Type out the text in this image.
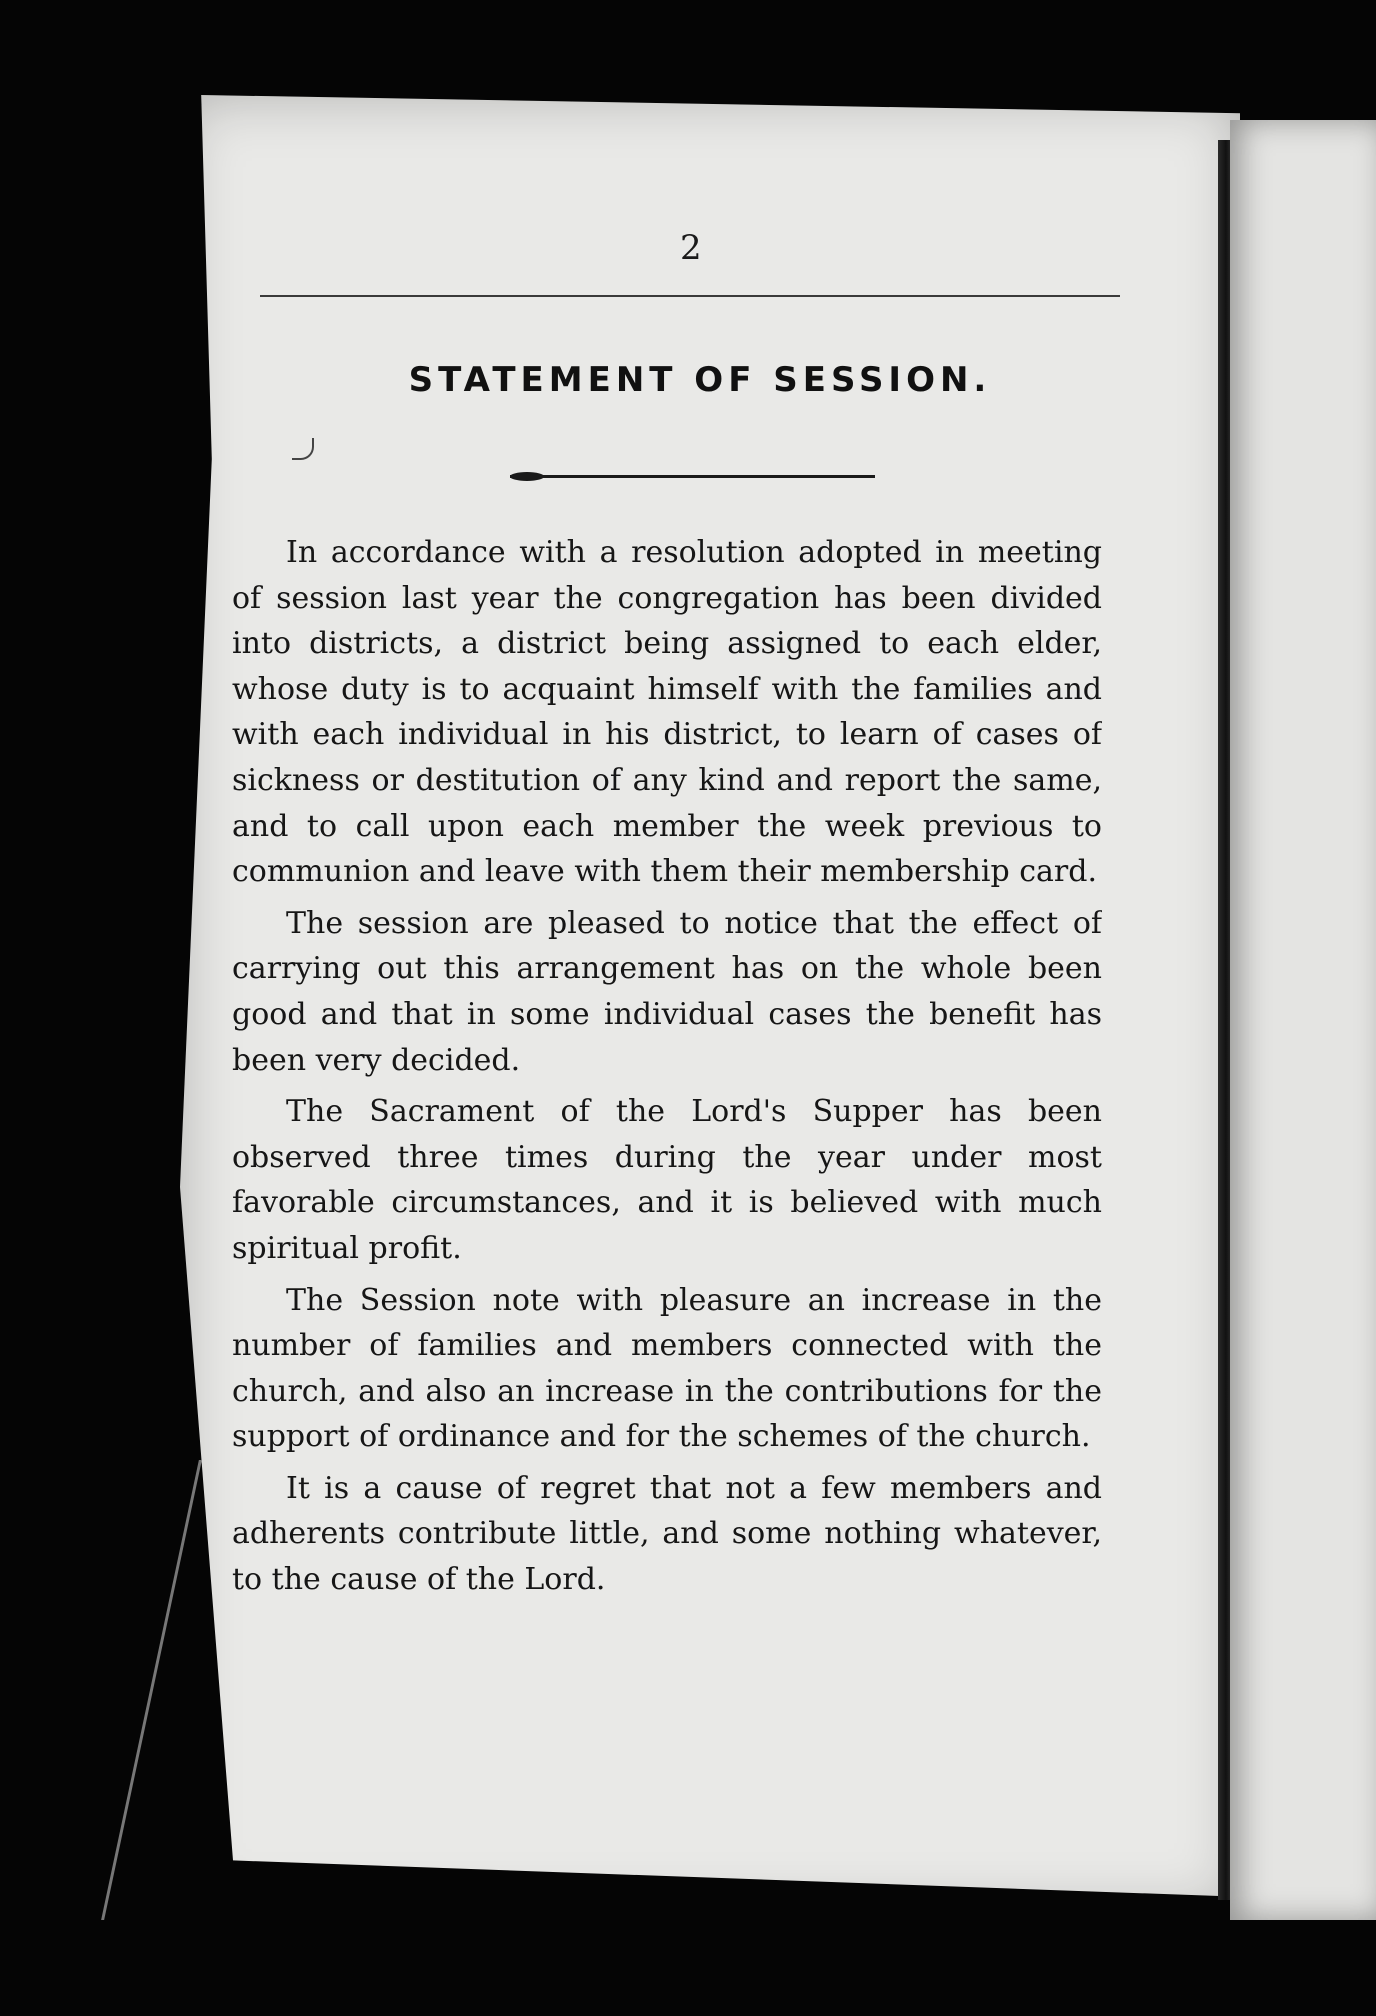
2
STATEMENT OF SESSION.

In accordance with a resolution adopted in meeting of session last year the congregation has been divided into districts, a district being assigned to each elder, whose duty is to acquaint himself with the families and with each individual in his district, to learn of cases of sickness or destitution of any kind and report the same, and to call upon each member the week previous to communion and leave with them their membership card.

The session are pleased to notice that the effect of carrying out this arrangement has on the whole been good and that in some individual cases the benefit has been very decided.

The Sacrament of the Lord's Supper has been observed three times during the year under most favorable circumstances, and it is believed with much spiritual profit.

The Session note with pleasure an increase in the number of families and members connected with the church, and also an increase in the contributions for the support of ordinance and for the schemes of the church.

It is a cause of regret that not a few members and adherents contribute little, and some nothing whatever, to the cause of the Lord.
